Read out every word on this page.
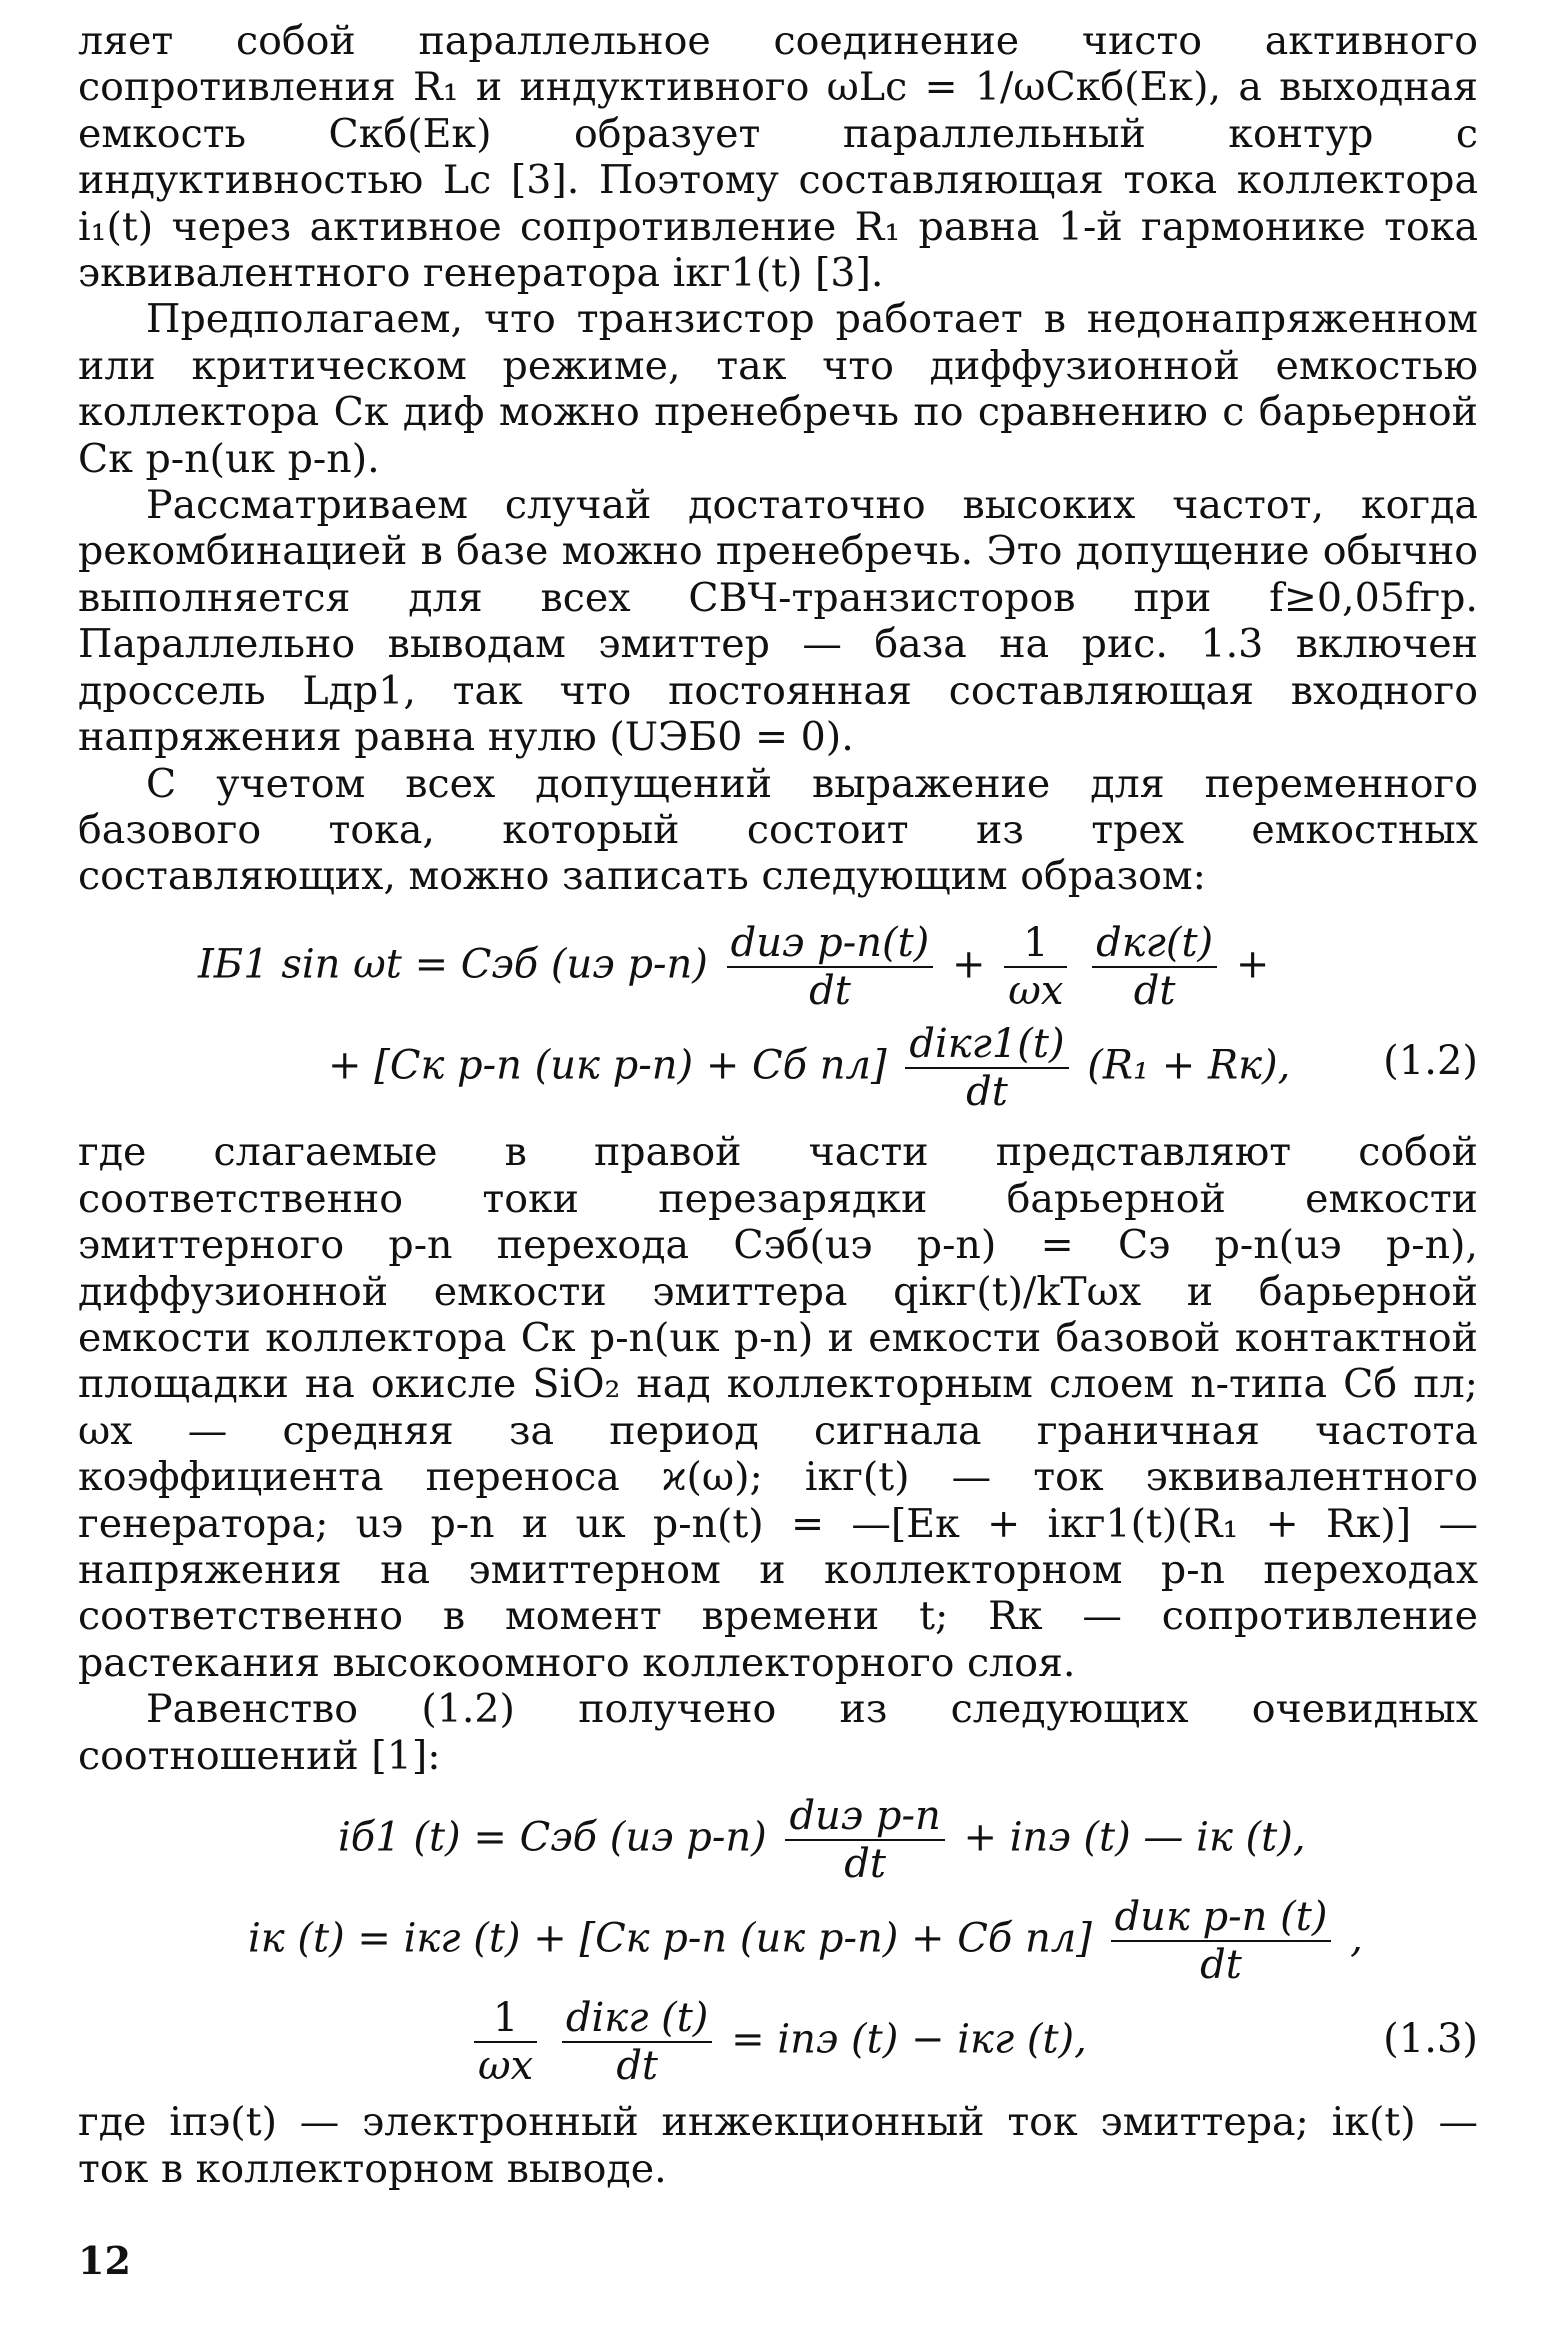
ляет собой параллельное соединение чисто активного сопротивления R₁ и индуктивного ωLc = 1/ωCкб(Eк), а выходная емкость Cкб(Eк) образует параллельный контур с индуктивностью Lc [3]. Поэтому составляющая тока коллектора i₁(t) через активное сопротивление R₁ равна 1-й гармонике тока эквивалентного генератора iкг1(t) [3].

Предполагаем, что транзистор работает в недонапряженном или критическом режиме, так что диффузионной емкостью коллектора Cк диф можно пренебречь по сравнению с барьерной Cк p-n(uк p-n).

Рассматриваем случай достаточно высоких частот, когда рекомбинацией в базе можно пренебречь. Это допущение обычно выполняется для всех СВЧ-транзисторов при f≥0,05fгр. Параллельно выводам эмиттер — база на рис. 1.3 включен дроссель Lдр1, так что постоянная составляющая входного напряжения равна нулю (UЭБ0 = 0).

С учетом всех допущений выражение для переменного базового тока, который состоит из трех емкостных составляющих, можно записать следующим образом:

IБ1 sin ωt = Cэб (uэ $p-n) \frac{\text{duэ p-n(t)}}{dt} + \frac{1}{\omega х}$
$\frac{\text{dкг(t)}}{dt}$ +
+ [Cк p-n (uк p-n) + Cб $пл] \frac{\text{diкг1(t)}}{dt} (R_1 + Rк)$,	(1.2)

где слагаемые в правой части представляют собой соответственно токи перезарядки барьерной емкости эмиттерного p-n перехода Cэб(uэ p-n) = Cэ p-n(uэ p-n), диффузионной емкости эмиттера qiкг(t)/kTωх и барьерной емкости коллектора Cк p-n(uк p-n) и емкости базовой контактной площадки на окисле SiO₂ над коллекторным слоем n-типа Cб пл; ωх — средняя за период сигнала граничная частота коэффициента переноса ϰ(ω); iкг(t) — ток эквивалентного генератора; uэ p-n и uк p-n(t) = —[Eк + iкг1(t)(R₁ + Rк)] — напряжения на эмиттерном и коллекторном p-n переходах соответственно в момент времени t; Rк — сопротивление растекания высокоомного коллекторного слоя.

Равенство (1.2) получено из следующих очевидных соотношений [1]:

iб1 (t) = Cэб (uэ $p-n) \frac{\text{duэ p-n}}{dt}$ + iпэ (t) — iк (t),
iк (t) = iкг (t) + [Cк p-n (uк p-n) + Cб $пл] \frac{\text{duк p-n (t)}}{dt}$ ,
$\frac{1}{\omega х}$
$\frac{\text{diкг (t)}}{dt}$ = iпэ (t) − iкг (t),	(1.3)

где iпэ(t) — электронный инжекционный ток эмиттера; iк(t) — ток в коллекторном выводе.

12
